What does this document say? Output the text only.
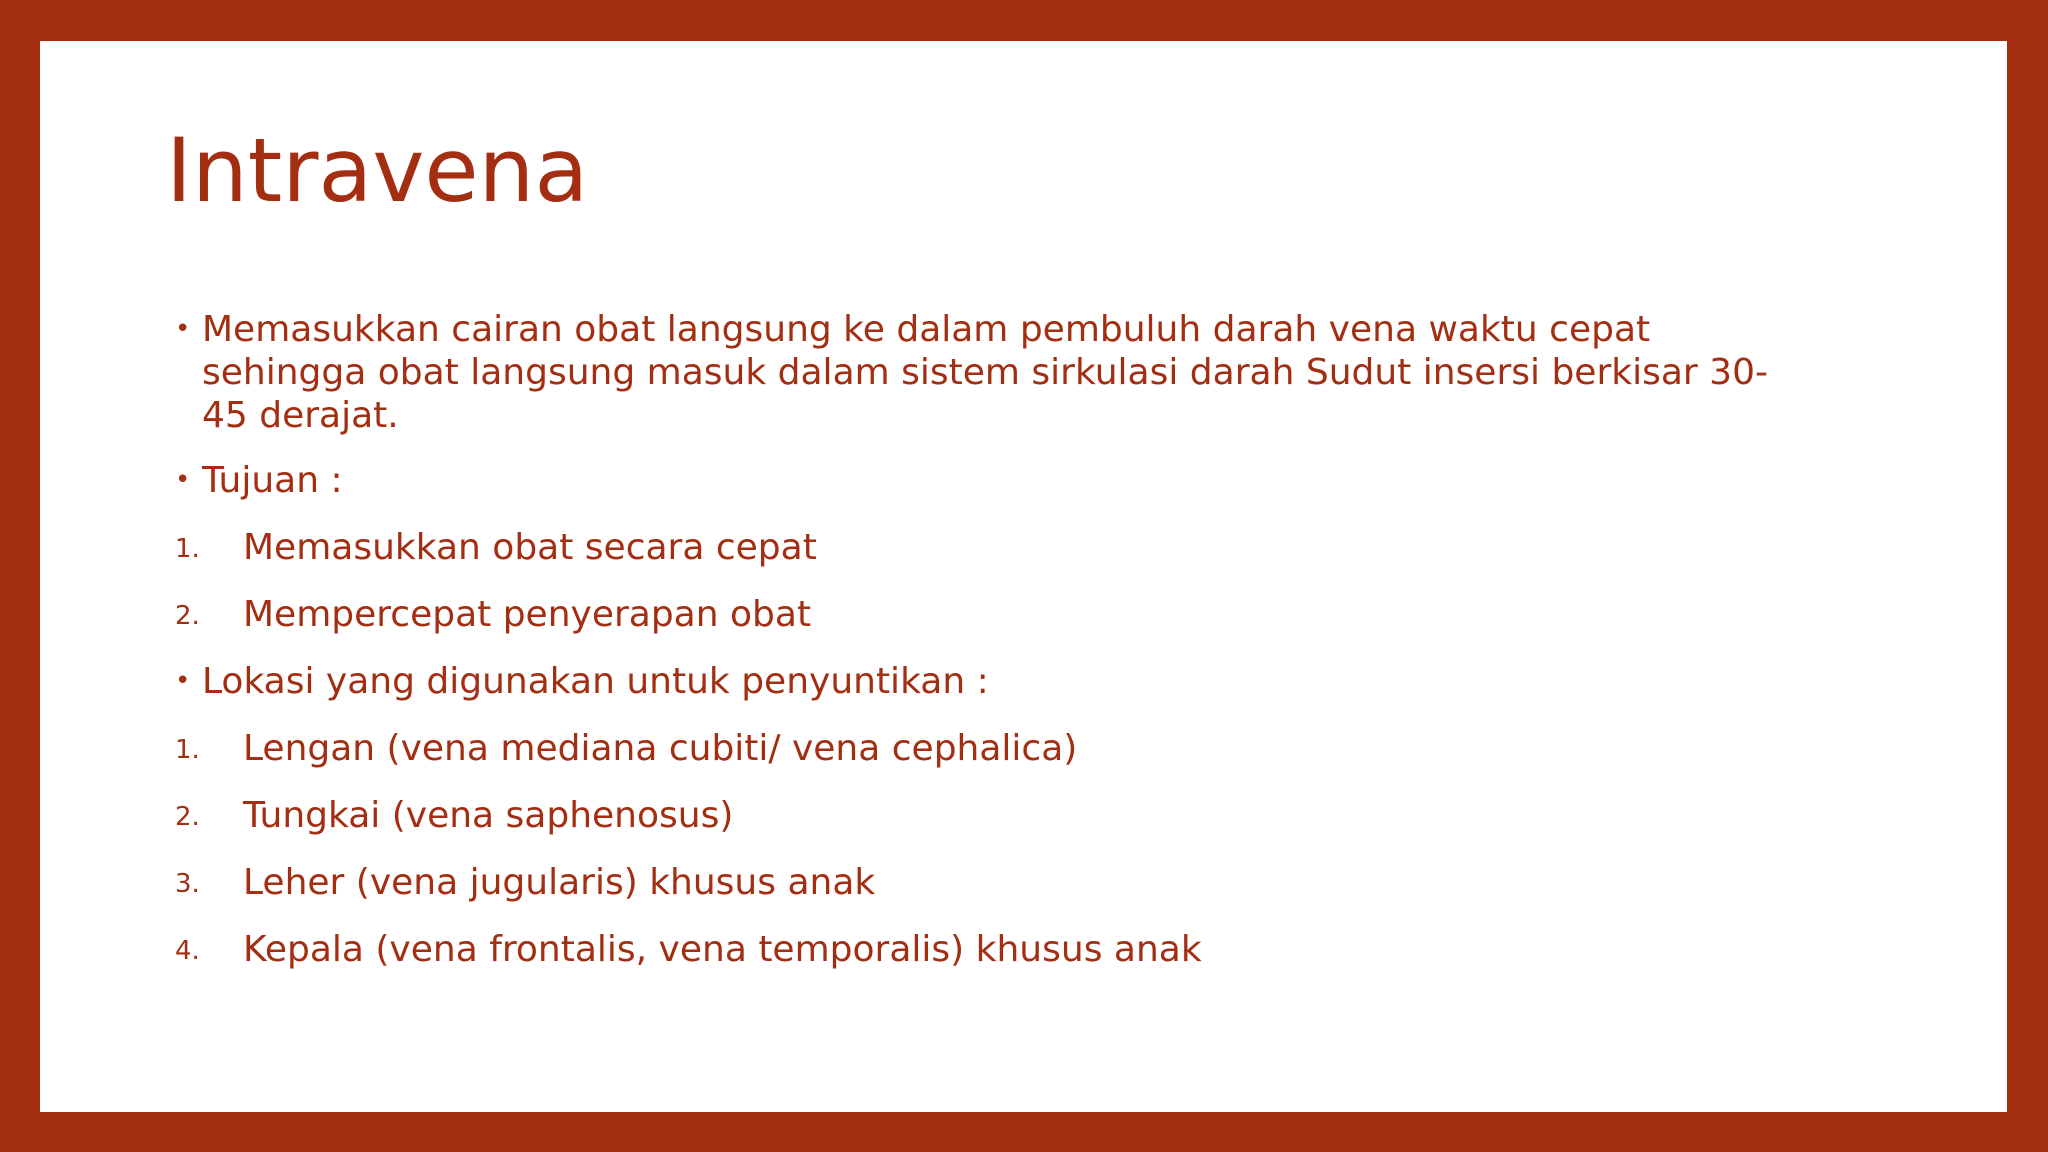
Intravena

• Memasukkan cairan obat langsung ke dalam pembuluh darah vena waktu cepat sehingga obat langsung masuk dalam sistem sirkulasi darah Sudut insersi berkisar 30-45 derajat.

• Tujuan :

1. Memasukkan obat secara cepat

2. Mempercepat penyerapan obat

• Lokasi yang digunakan untuk penyuntikan :

1. Lengan (vena mediana cubiti/ vena cephalica)

2. Tungkai (vena saphenosus)

3. Leher (vena jugularis) khusus anak

4. Kepala (vena frontalis, vena temporalis) khusus anak
